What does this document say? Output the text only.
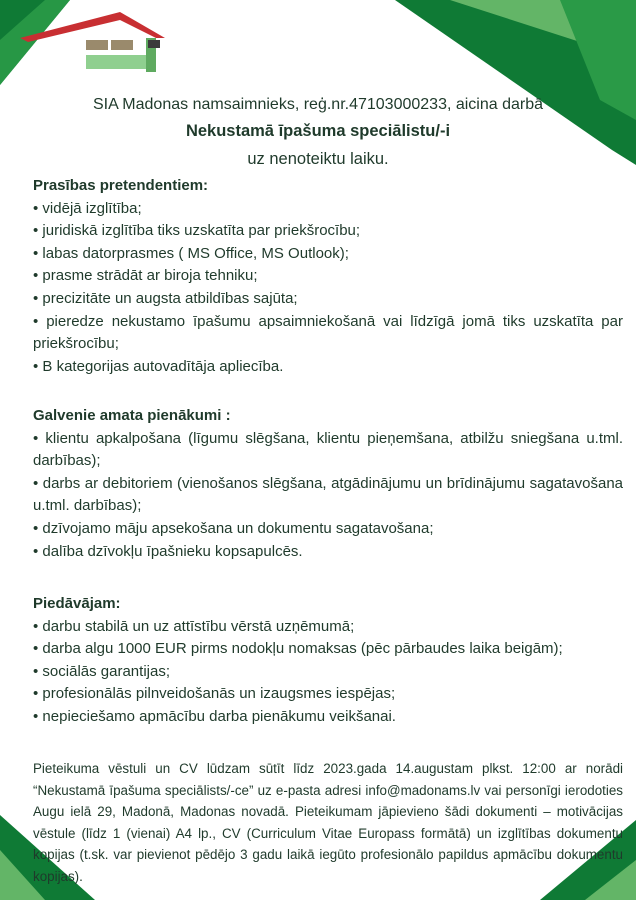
SIA Madonas namsaimnieks, reģ.nr.47103000233, aicina darbā
Nekustamā īpašuma speciālistu/-i
uz nenoteiktu laiku.
Prasības pretendentiem:
• vidējā izglītība;
• juridiskā izglītība tiks uzskatīta par priekšrocību;
• labas datorprasmes ( MS Office, MS Outlook);
• prasme strādāt ar biroja tehniku;
• precizitāte un augsta atbildības sajūta;
• pieredze nekustamo īpašumu apsaimniekošanā vai līdzīgā jomā tiks uzskatīta par priekšrocību;
• B kategorijas autovadītāja apliecība.
Galvenie amata pienākumi :
• klientu apkalpošana (līgumu slēgšana, klientu pieņemšana, atbilžu sniegšana u.tml. darbības);
• darbs ar debitoriem (vienošanos slēgšana, atgādinājumu un brīdinājumu sagatavošana u.tml. darbības);
• dzīvojamo māju apsekošana un dokumentu sagatavošana;
• dalība dzīvokļu īpašnieku kopsapulcēs.
Piedāvājam:
• darbu stabilā un uz attīstību vērstā uzņēmumā;
• darba algu 1000 EUR pirms nodokļu nomaksas (pēc pārbaudes laika beigām);
• sociālās garantijas;
• profesionālās pilnveidošanās un izaugsmes iespējas;
• nepieciešamo apmācību darba pienākumu veikšanai.

Pieteikuma vēstuli un CV lūdzam sūtīt līdz 2023.gada 14.augustam plkst. 12:00 ar norādi “Nekustamā īpašuma speciālists/-ce” uz e-pasta adresi info@madonams.lv vai personīgi ierodoties Augu ielā 29, Madonā, Madonas novadā. Pieteikumam jāpievieno šādi dokumenti – motivācijas vēstule (līdz 1 (vienai) A4 lp., CV (Curriculum Vitae Europass formātā) un izglītības dokumentu kopijas (t.sk. var pievienot pēdējo 3 gadu laikā iegūto profesionālo papildus apmācību dokumentu kopijas).
